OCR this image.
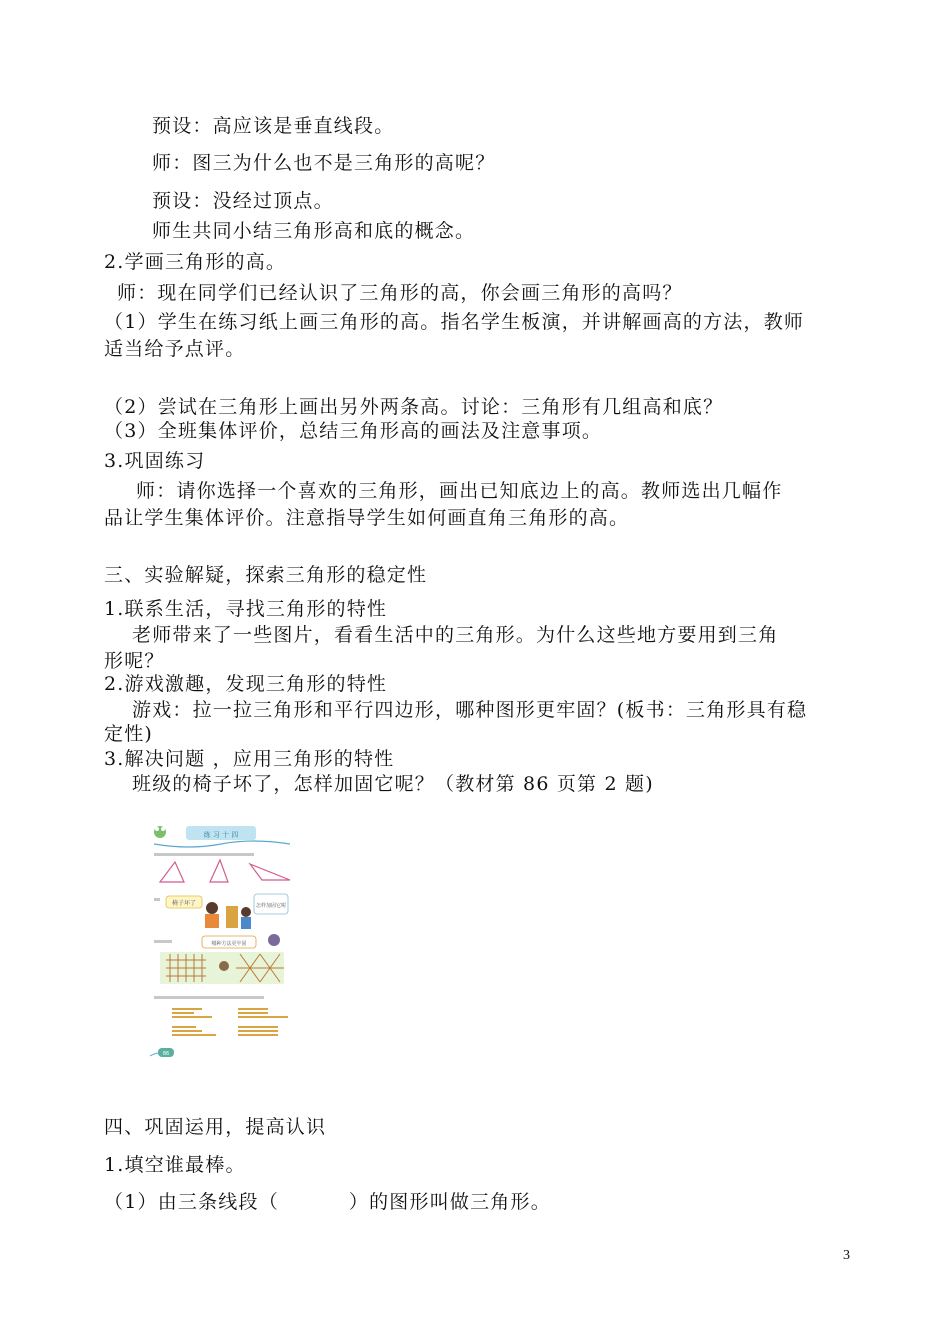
预设：高应该是垂直线段。
师：图三为什么也不是三角形的高呢？
预设：没经过顶点。
师生共同小结三角形高和底的概念。
2.学画三角形的高。
师：现在同学们已经认识了三角形的高，你会画三角形的高吗？
（1）学生在练习纸上画三角形的高。指名学生板演，并讲解画高的方法，教师
适当给予点评。
（2）尝试在三角形上画出另外两条高。讨论：三角形有几组高和底？
（3）全班集体评价，总结三角形高的画法及注意事项。
3.巩固练习
师：请你选择一个喜欢的三角形，画出已知底边上的高。教师选出几幅作
品让学生集体评价。注意指导学生如何画直角三角形的高。
三、实验解疑，探索三角形的稳定性
1.联系生活，寻找三角形的特性
老师带来了一些图片，看看生活中的三角形。为什么这些地方要用到三角
形呢？
2.游戏激趣，发现三角形的特性
游戏：拉一拉三角形和平行四边形，哪种图形更牢固？(板书：三角形具有稳
定性)
3.解决问题 ，应用三角形的特性
班级的椅子坏了，怎样加固它呢？（教材第 86 页第 2 题)
练 习 十 四
椅子坏了	怎样加固它呢
哪种方法更牢固
86
四、巩固运用，提高认识
1.填空谁最棒。
（1）由三条线段（	）的图形叫做三角形。
3
